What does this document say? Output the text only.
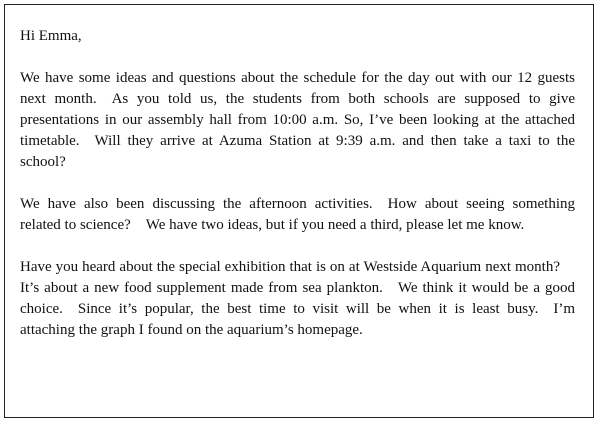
Hi Emma,

We have some ideas and questions about the schedule for the day out with our 12 guests next month. As you told us, the students from both schools are supposed to give presentations in our assembly hall from 10:00 a.m. So, I’ve been looking at the attached timetable. Will they arrive at Azuma Station at 9:39 a.m. and then take a taxi to the school?

We have also been discussing the afternoon activities. How about seeing something related to science? We have two ideas, but if you need a third, please let me know.

Have you heard about the special exhibition that is on at Westside Aquarium next month? It’s about a new food supplement made from sea plankton. We think it would be a good choice. Since it’s popular, the best time to visit will be when it is least busy. I’m attaching the graph I found on the aquarium’s homepage.
